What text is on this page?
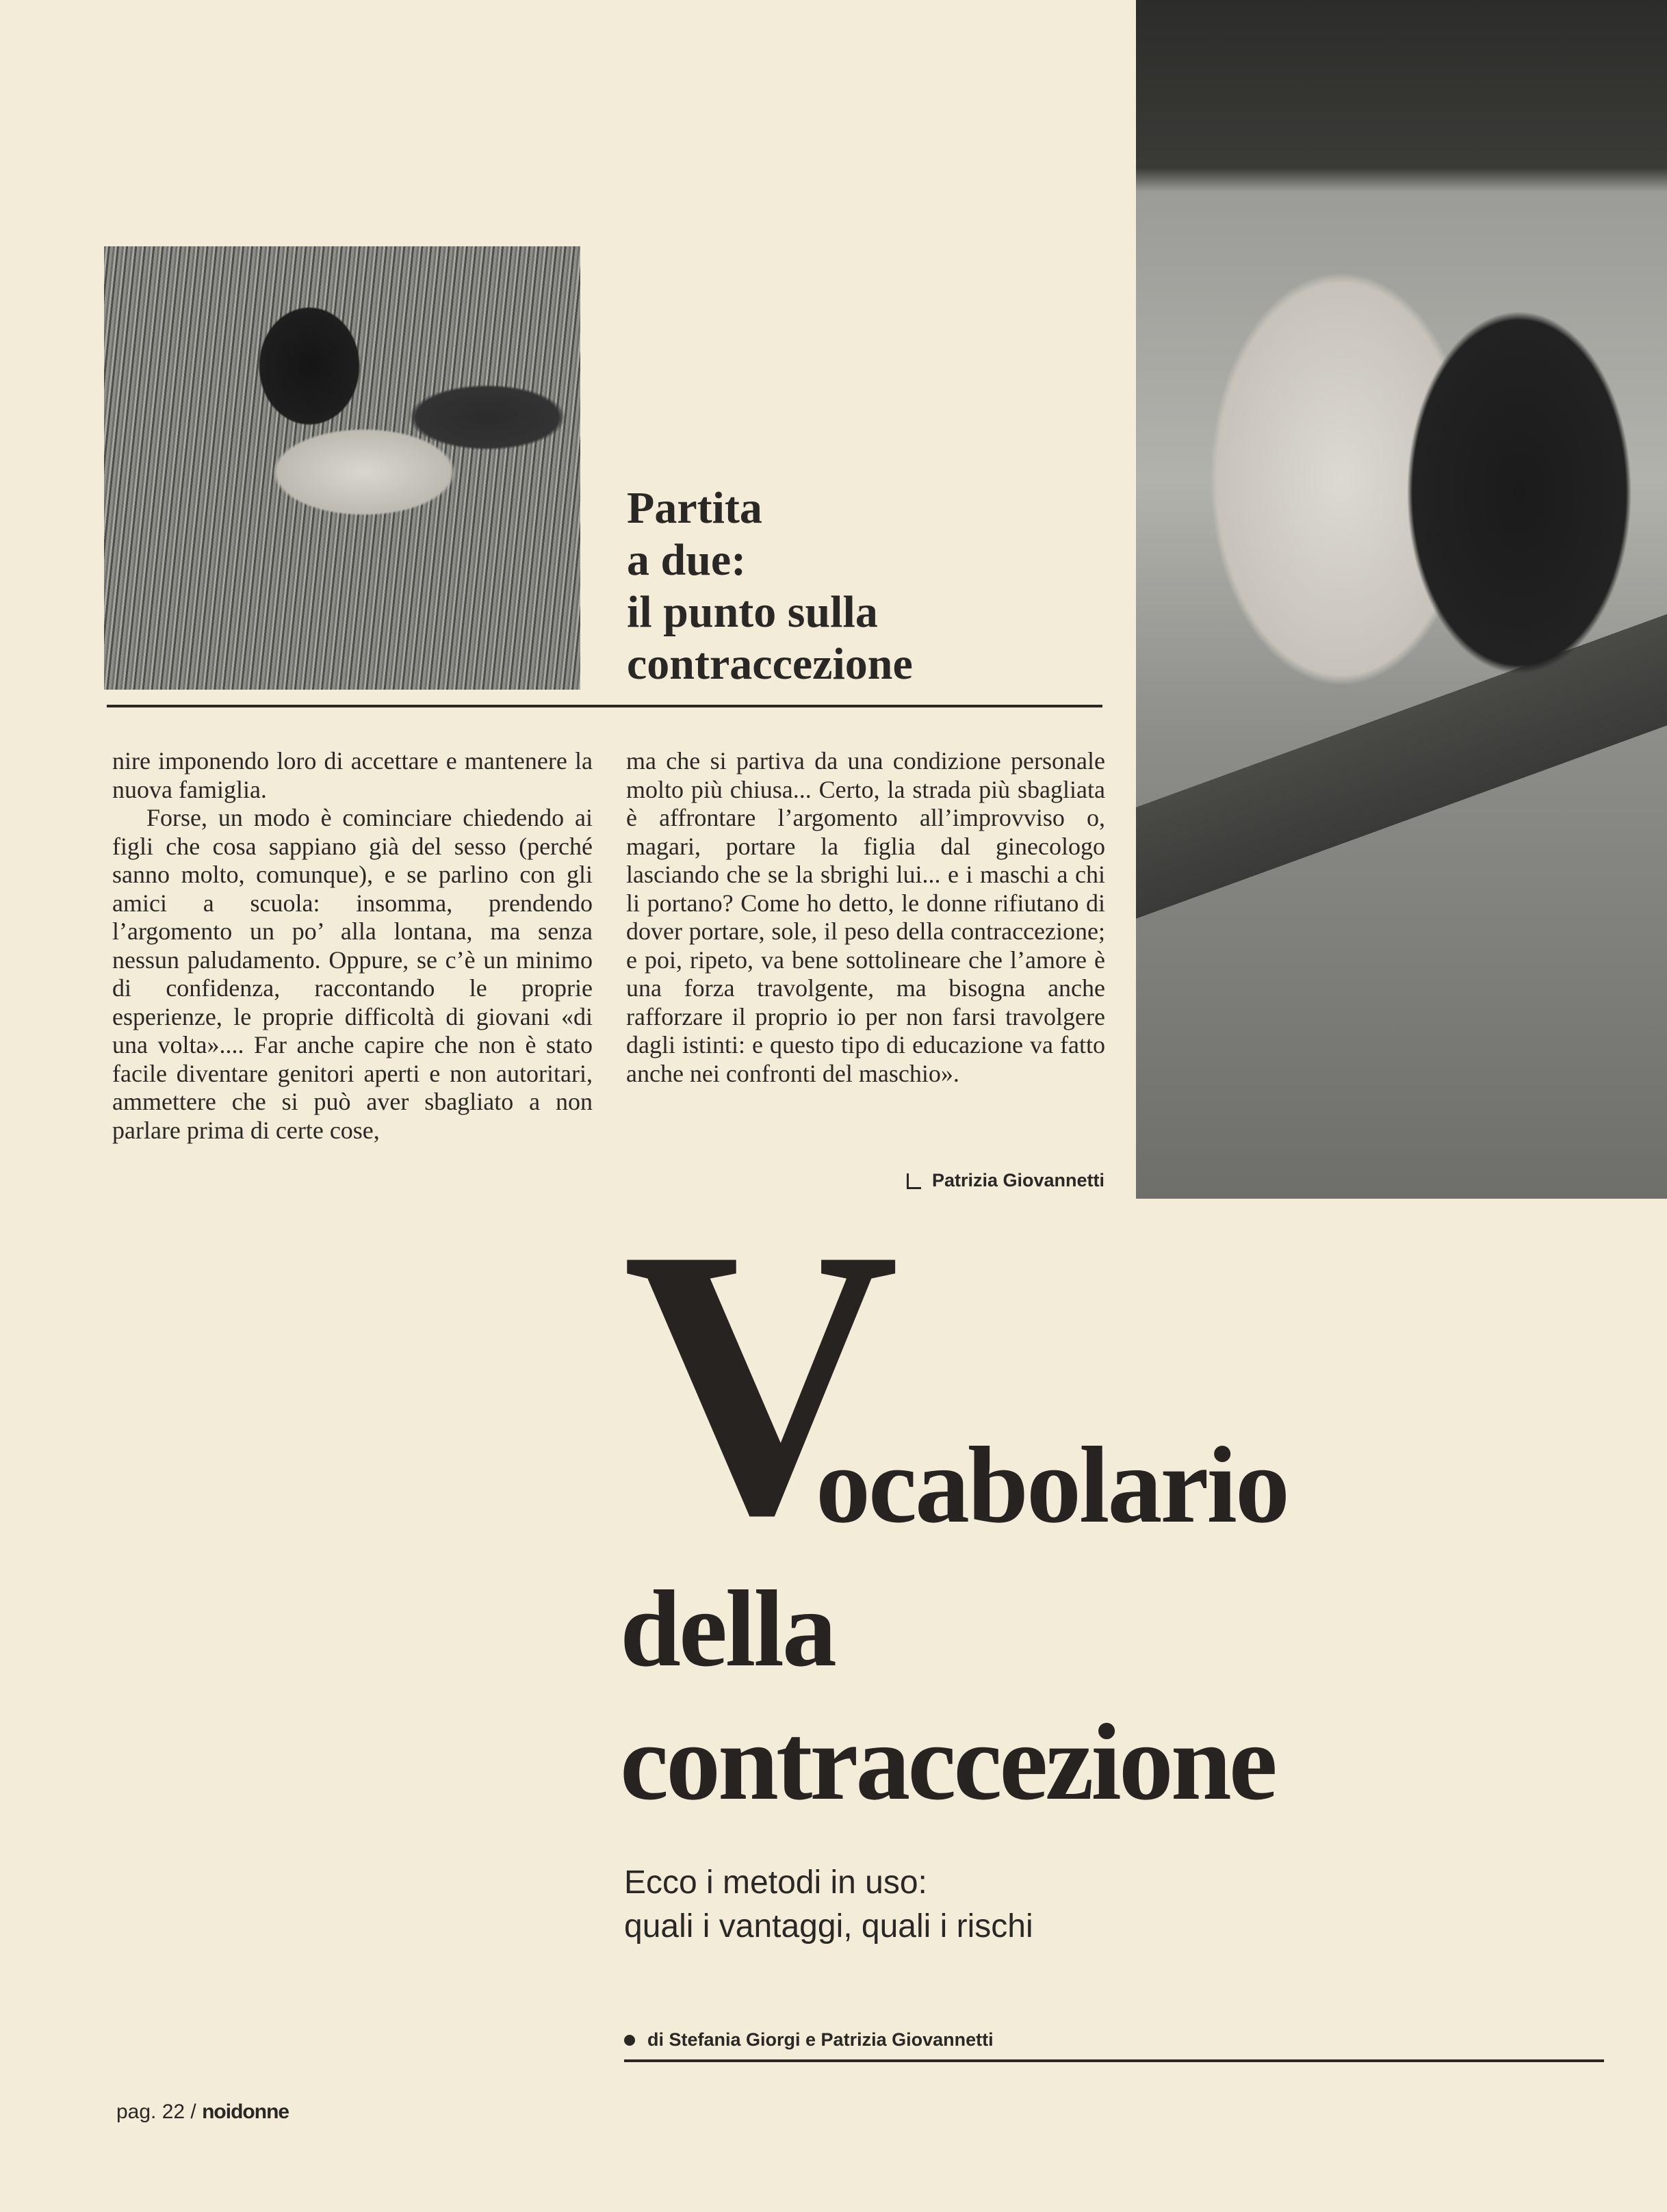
Partita
a due:
il punto sulla
contraccezione

nire imponendo loro di accettare e mantenere la nuova famiglia.

Forse, un modo è cominciare chiedendo ai figli che cosa sappiano già del sesso (perché sanno molto, comunque), e se parlino con gli amici a scuola: insomma, prendendo l’argomento un po’ alla lontana, ma senza nessun paludamento. Oppure, se c’è un minimo di confidenza, raccontando le proprie esperienze, le proprie difficoltà di giovani «di una volta».... Far anche capire che non è stato facile diventare genitori aperti e non autoritari, ammettere che si può aver sbagliato a non parlare prima di certe cose,

ma che si partiva da una condizione personale molto più chiusa... Certo, la strada più sbagliata è affrontare l’argomento all’improvviso o, magari, portare la figlia dal ginecologo lasciando che se la sbrighi lui... e i maschi a chi li portano? Come ho detto, le donne rifiutano di dover portare, sole, il peso della contraccezione; e poi, ripeto, va bene sottolineare che l’amore è una forza travolgente, ma bisogna anche rafforzare il proprio io per non farsi travolgere dagli istinti: e questo tipo di educazione va fatto anche nei confronti del maschio».

Patrizia Giovannetti
V
ocabolario
della
contraccezione
Ecco i metodi in uso:
quali i vantaggi, quali i rischi
di Stefania Giorgi e Patrizia Giovannetti
pag. 22 / noidonne
